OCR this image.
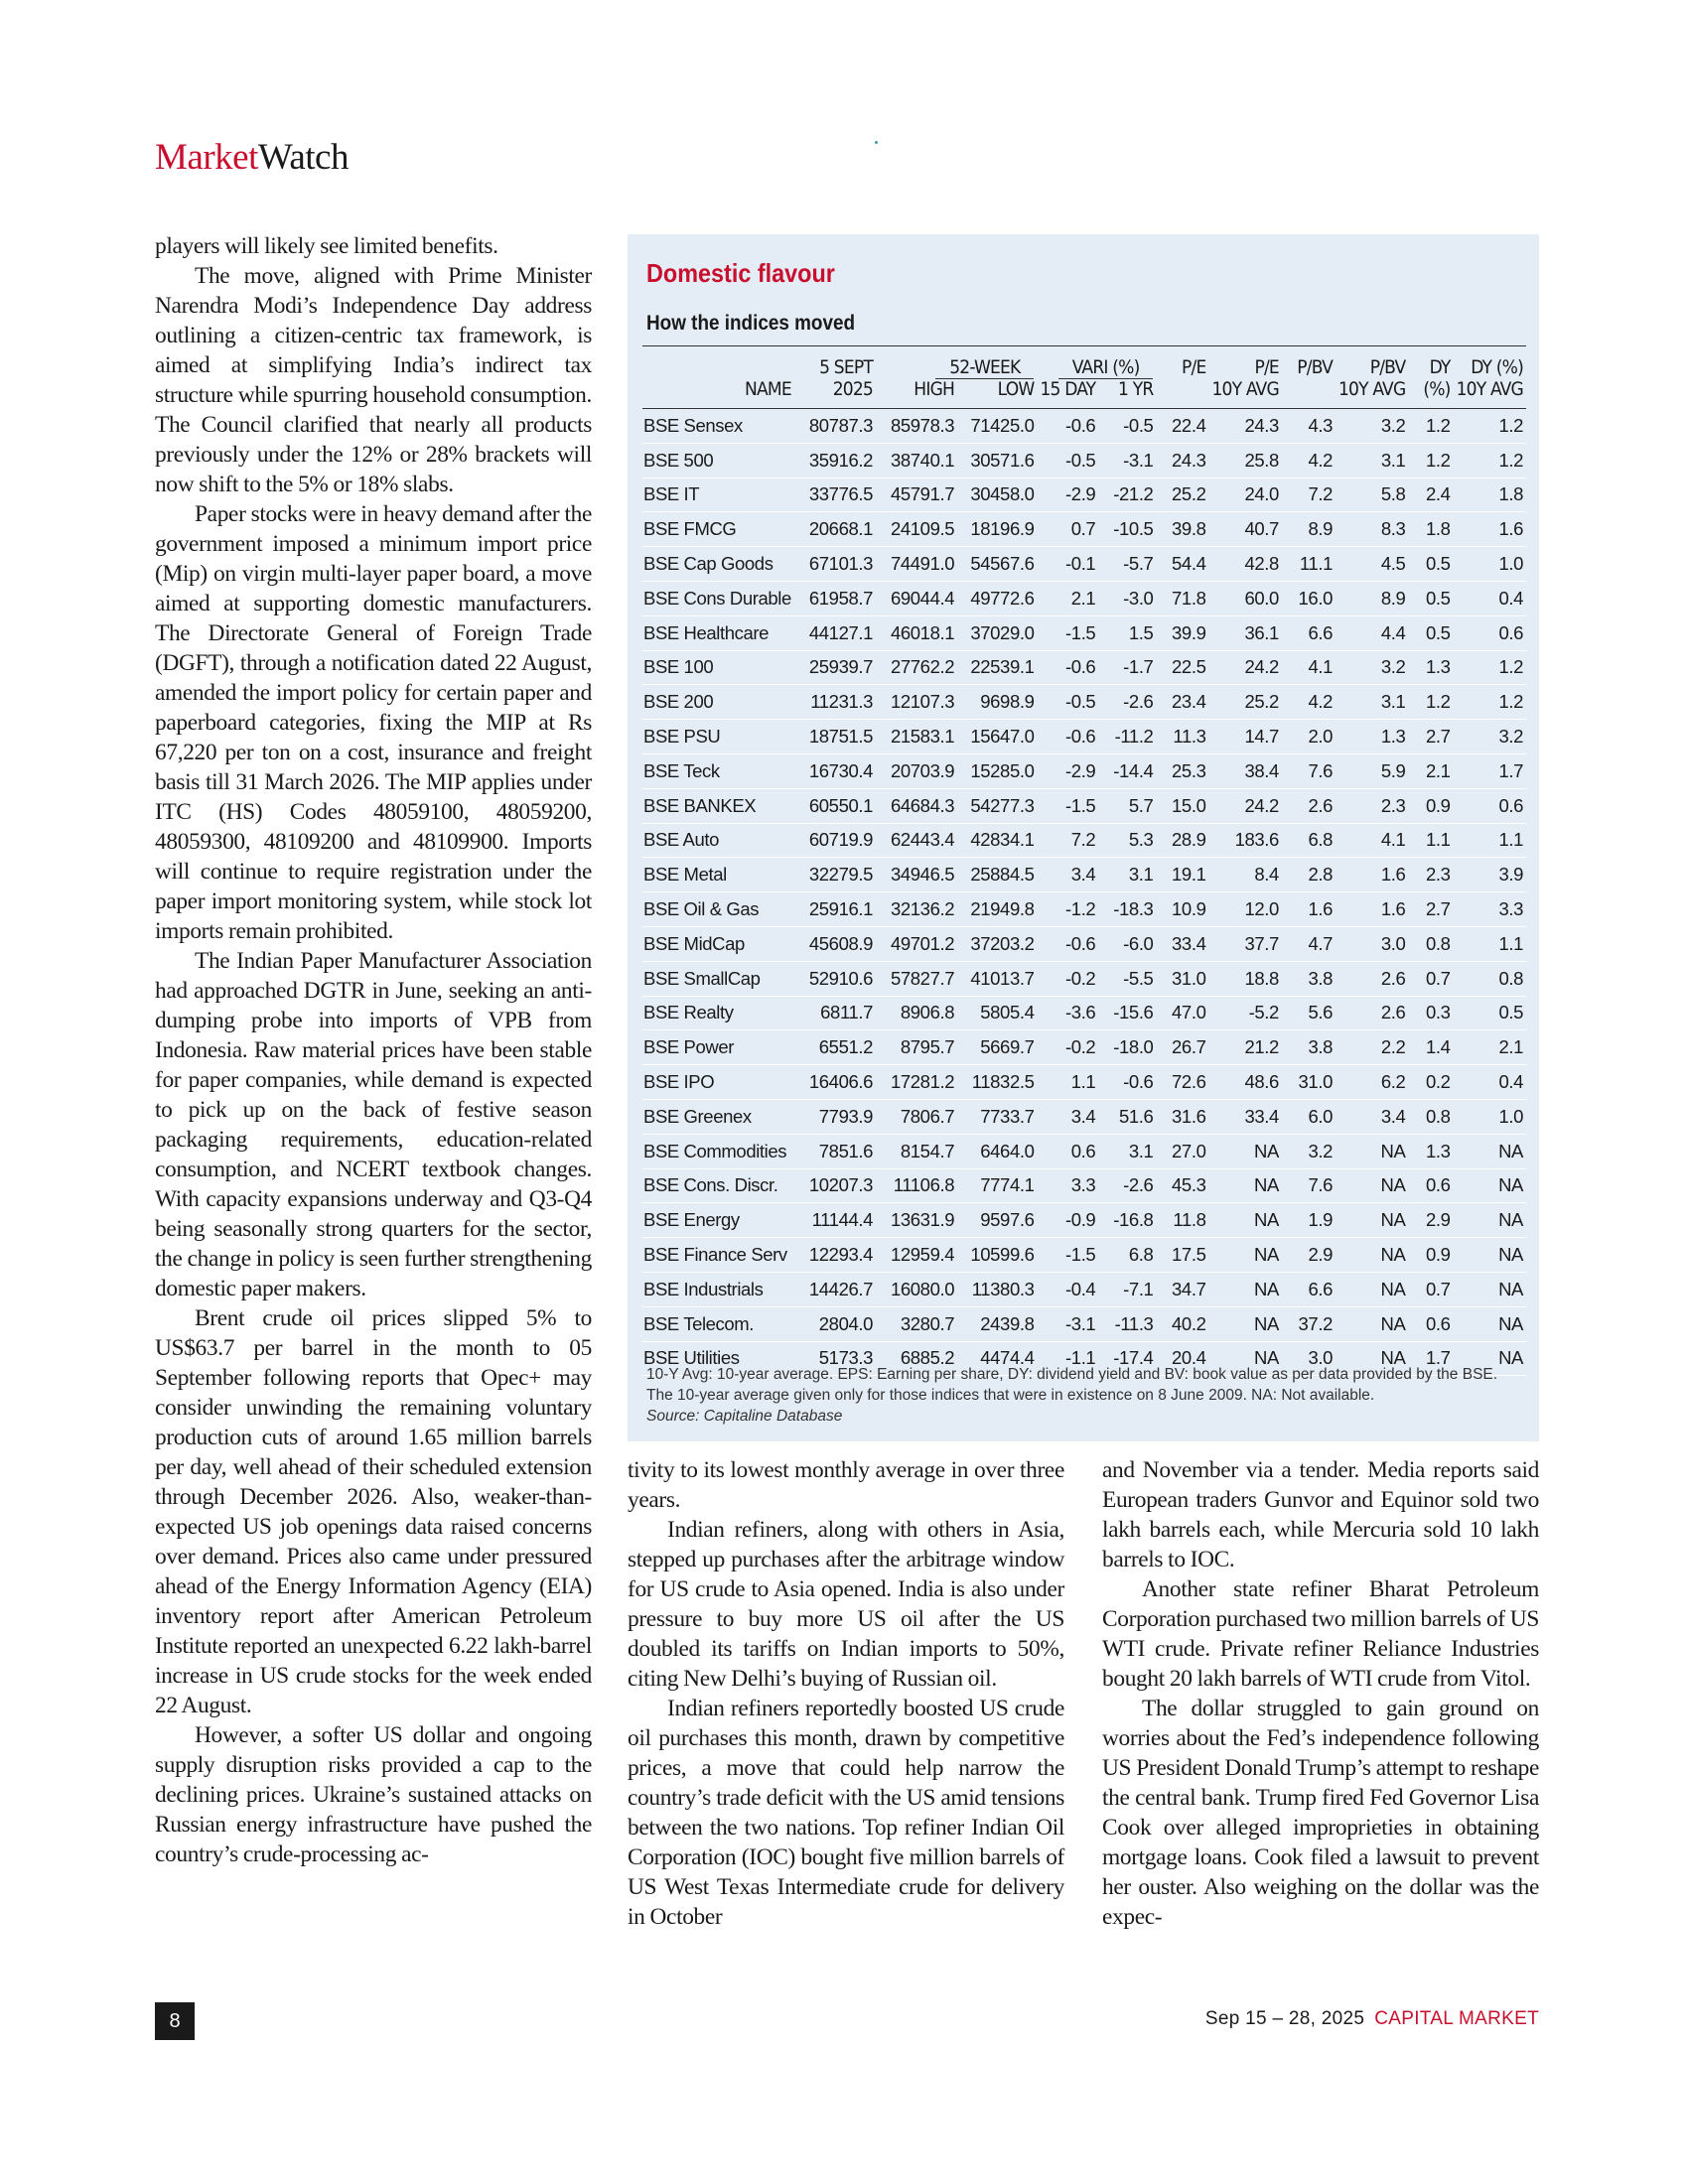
MarketWatch

players will likely see limited benefits.

The move, aligned with Prime Minister Narendra Modi’s Independence Day address outlining a citizen-centric tax framework, is aimed at simplifying India’s indirect tax structure while spurring household consumption. The Council clarified that nearly all products previously under the 12% or 28% brackets will now shift to the 5% or 18% slabs.

Paper stocks were in heavy demand after the government imposed a minimum import price (Mip) on virgin multi-layer paper board, a move aimed at supporting domestic manufacturers. The Directorate General of Foreign Trade (DGFT), through a notification dated 22 August, amended the import policy for certain paper and paperboard categories, fixing the MIP at Rs 67,220 per ton on a cost, insurance and freight basis till 31 March 2026. The MIP applies under ITC (HS) Codes 48059100, 48059200, 48059300, 48109200 and 48109900. Imports will continue to require registration under the paper import monitoring system, while stock lot imports remain prohibited.

The Indian Paper Manufacturer Association had approached DGTR in June, seeking an anti-dumping probe into imports of VPB from Indonesia. Raw material prices have been stable for paper companies, while demand is expected to pick up on the back of festive season packaging requirements, education-related consumption, and NCERT textbook changes. With capacity expansions underway and Q3-Q4 being seasonally strong quarters for the sector, the change in policy is seen further strengthening domestic paper makers.

Brent crude oil prices slipped 5% to US$63.7 per barrel in the month to 05 September following reports that Opec+ may consider unwinding the remaining voluntary production cuts of around 1.65 million barrels per day, well ahead of their scheduled extension through December 2026. Also, weaker-than-expected US job openings data raised concerns over demand. Prices also came under pressured ahead of the Energy Information Agency (EIA) inventory report after American Petroleum Institute reported an unexpected 6.22 lakh-barrel increase in US crude stocks for the week ended 22 August.

However, a softer US dollar and ongoing supply disruption risks provided a cap to the declining prices. Ukraine’s sustained attacks on Russian energy infrastructure have pushed the country’s crude-processing ac-

Domestic flavour
How the indices moved
	5 SEPT	52-WEEK		VARI (%)		P/E	P/E	P/BV	P/BV	DY	DY (%)
NAME	2025	HIGH	LOW	15 DAY	1 YR		10Y AVG		10Y AVG	(%)	10Y AVG
BSE Sensex	80787.3	85978.3	71425.0	-0.6	-0.5	22.4	24.3	4.3	3.2	1.2	1.2
BSE 500	35916.2	38740.1	30571.6	-0.5	-3.1	24.3	25.8	4.2	3.1	1.2	1.2
BSE IT	33776.5	45791.7	30458.0	-2.9	-21.2	25.2	24.0	7.2	5.8	2.4	1.8
BSE FMCG	20668.1	24109.5	18196.9	0.7	-10.5	39.8	40.7	8.9	8.3	1.8	1.6
BSE Cap Goods	67101.3	74491.0	54567.6	-0.1	-5.7	54.4	42.8	11.1	4.5	0.5	1.0
BSE Cons Durable	61958.7	69044.4	49772.6	2.1	-3.0	71.8	60.0	16.0	8.9	0.5	0.4
BSE Healthcare	44127.1	46018.1	37029.0	-1.5	1.5	39.9	36.1	6.6	4.4	0.5	0.6
BSE 100	25939.7	27762.2	22539.1	-0.6	-1.7	22.5	24.2	4.1	3.2	1.3	1.2
BSE 200	11231.3	12107.3	9698.9	-0.5	-2.6	23.4	25.2	4.2	3.1	1.2	1.2
BSE PSU	18751.5	21583.1	15647.0	-0.6	-11.2	11.3	14.7	2.0	1.3	2.7	3.2
BSE Teck	16730.4	20703.9	15285.0	-2.9	-14.4	25.3	38.4	7.6	5.9	2.1	1.7
BSE BANKEX	60550.1	64684.3	54277.3	-1.5	5.7	15.0	24.2	2.6	2.3	0.9	0.6
BSE Auto	60719.9	62443.4	42834.1	7.2	5.3	28.9	183.6	6.8	4.1	1.1	1.1
BSE Metal	32279.5	34946.5	25884.5	3.4	3.1	19.1	8.4	2.8	1.6	2.3	3.9
BSE Oil & Gas	25916.1	32136.2	21949.8	-1.2	-18.3	10.9	12.0	1.6	1.6	2.7	3.3
BSE MidCap	45608.9	49701.2	37203.2	-0.6	-6.0	33.4	37.7	4.7	3.0	0.8	1.1
BSE SmallCap	52910.6	57827.7	41013.7	-0.2	-5.5	31.0	18.8	3.8	2.6	0.7	0.8
BSE Realty	6811.7	8906.8	5805.4	-3.6	-15.6	47.0	-5.2	5.6	2.6	0.3	0.5
BSE Power	6551.2	8795.7	5669.7	-0.2	-18.0	26.7	21.2	3.8	2.2	1.4	2.1
BSE IPO	16406.6	17281.2	11832.5	1.1	-0.6	72.6	48.6	31.0	6.2	0.2	0.4
BSE Greenex	7793.9	7806.7	7733.7	3.4	51.6	31.6	33.4	6.0	3.4	0.8	1.0
BSE Commodities	7851.6	8154.7	6464.0	0.6	3.1	27.0	NA	3.2	NA	1.3	NA
BSE Cons. Discr.	10207.3	11106.8	7774.1	3.3	-2.6	45.3	NA	7.6	NA	0.6	NA
BSE Energy	11144.4	13631.9	9597.6	-0.9	-16.8	11.8	NA	1.9	NA	2.9	NA
BSE Finance Serv	12293.4	12959.4	10599.6	-1.5	6.8	17.5	NA	2.9	NA	0.9	NA
BSE Industrials	14426.7	16080.0	11380.3	-0.4	-7.1	34.7	NA	6.6	NA	0.7	NA
BSE Telecom.	2804.0	3280.7	2439.8	-3.1	-11.3	40.2	NA	37.2	NA	0.6	NA
BSE Utilities	5173.3	6885.2	4474.4	-1.1	-17.4	20.4	NA	3.0	NA	1.7	NA
10-Y Avg: 10-year average. EPS: Earning per share, DY: dividend yield and BV: book value as per data provided by the BSE.
The 10-year average given only for those indices that were in existence on 8 June 2009. NA: Not available.
Source: Capitaline Database

tivity to its lowest monthly average in over three years.

Indian refiners, along with others in Asia, stepped up purchases after the arbitrage window for US crude to Asia opened. India is also under pressure to buy more US oil after the US doubled its tariffs on Indian imports to 50%, citing New Delhi’s buying of Russian oil.

Indian refiners reportedly boosted US crude oil purchases this month, drawn by competitive prices, a move that could help narrow the country’s trade deficit with the US amid tensions between the two nations. Top refiner Indian Oil Corporation (IOC) bought five million barrels of US West Texas Intermediate crude for delivery in October

and November via a tender. Media reports said European traders Gunvor and Equinor sold two lakh barrels each, while Mercuria sold 10 lakh barrels to IOC.

Another state refiner Bharat Petroleum Corporation purchased two million barrels of US WTI crude. Private refiner Reliance Industries bought 20 lakh barrels of WTI crude from Vitol.

The dollar struggled to gain ground on worries about the Fed’s independence following US President Donald Trump’s attempt to reshape the central bank. Trump fired Fed Governor Lisa Cook over alleged improprieties in obtaining mortgage loans. Cook filed a lawsuit to prevent her ouster. Also weighing on the dollar was the expec-

8	Sep 15 – 28, 2025 CAPITAL MARKET
